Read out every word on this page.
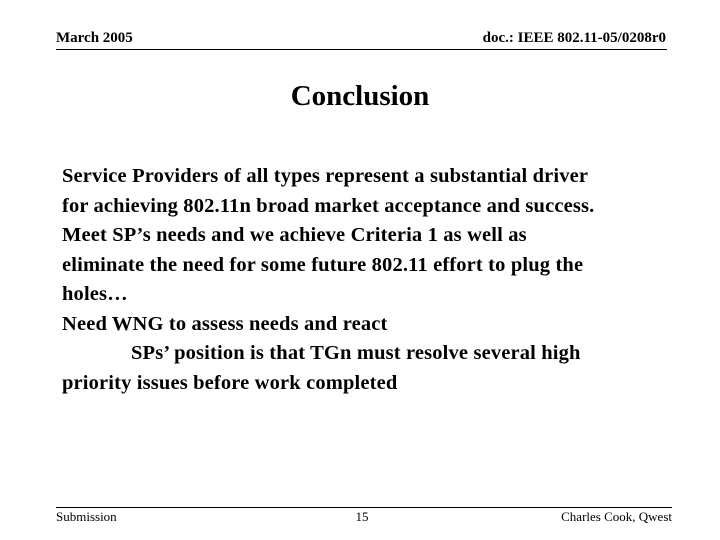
March 2005	doc.: IEEE 802.11-05/0208r0
Conclusion

Service Providers of all types represent a substantial driver

for achieving 802.11n broad market acceptance and success.

Meet SP’s needs and we achieve Criteria 1 as well as

eliminate the need for some future 802.11 effort to plug the

holes…

Need WNG to assess needs and react

SPs’ position is that TGn must resolve several high

priority issues before work completed

Submission	15	Charles Cook, Qwest
